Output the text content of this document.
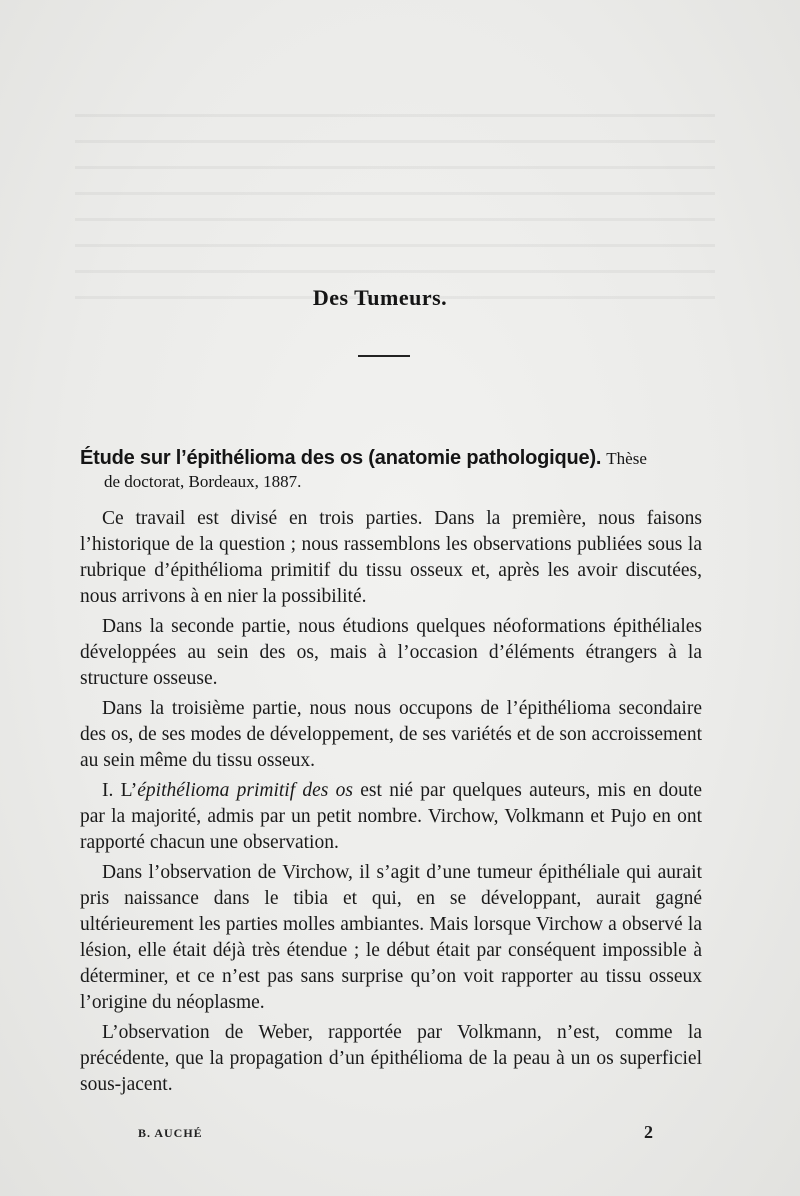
Des Tumeurs.
Étude sur l’épithélioma des os (anatomie pathologique). Thèse
de doctorat, Bordeaux, 1887.

Ce travail est divisé en trois parties. Dans la première, nous faisons l’historique de la question ; nous rassemblons les observations publiées sous la rubrique d’épithélioma primitif du tissu osseux et, après les avoir discutées, nous arrivons à en nier la possibilité.

Dans la seconde partie, nous étudions quelques néoformations épithéliales développées au sein des os, mais à l’occasion d’éléments étrangers à la structure osseuse.

Dans la troisième partie, nous nous occupons de l’épithélioma secondaire des os, de ses modes de développement, de ses variétés et de son accroissement au sein même du tissu osseux.

I. L’épithélioma primitif des os est nié par quelques auteurs, mis en doute par la majorité, admis par un petit nombre. Virchow, Volkmann et Pujo en ont rapporté chacun une observation.

Dans l’observation de Virchow, il s’agit d’une tumeur épithéliale qui aurait pris naissance dans le tibia et qui, en se développant, aurait gagné ultérieurement les parties molles ambiantes. Mais lorsque Virchow a observé la lésion, elle était déjà très étendue ; le début était par conséquent impossible à déterminer, et ce n’est pas sans surprise qu’on voit rapporter au tissu osseux l’origine du néoplasme.

L’observation de Weber, rapportée par Volkmann, n’est, comme la précédente, que la propagation d’un épithélioma de la peau à un os superficiel sous-jacent.

B. AUCHÉ	2
